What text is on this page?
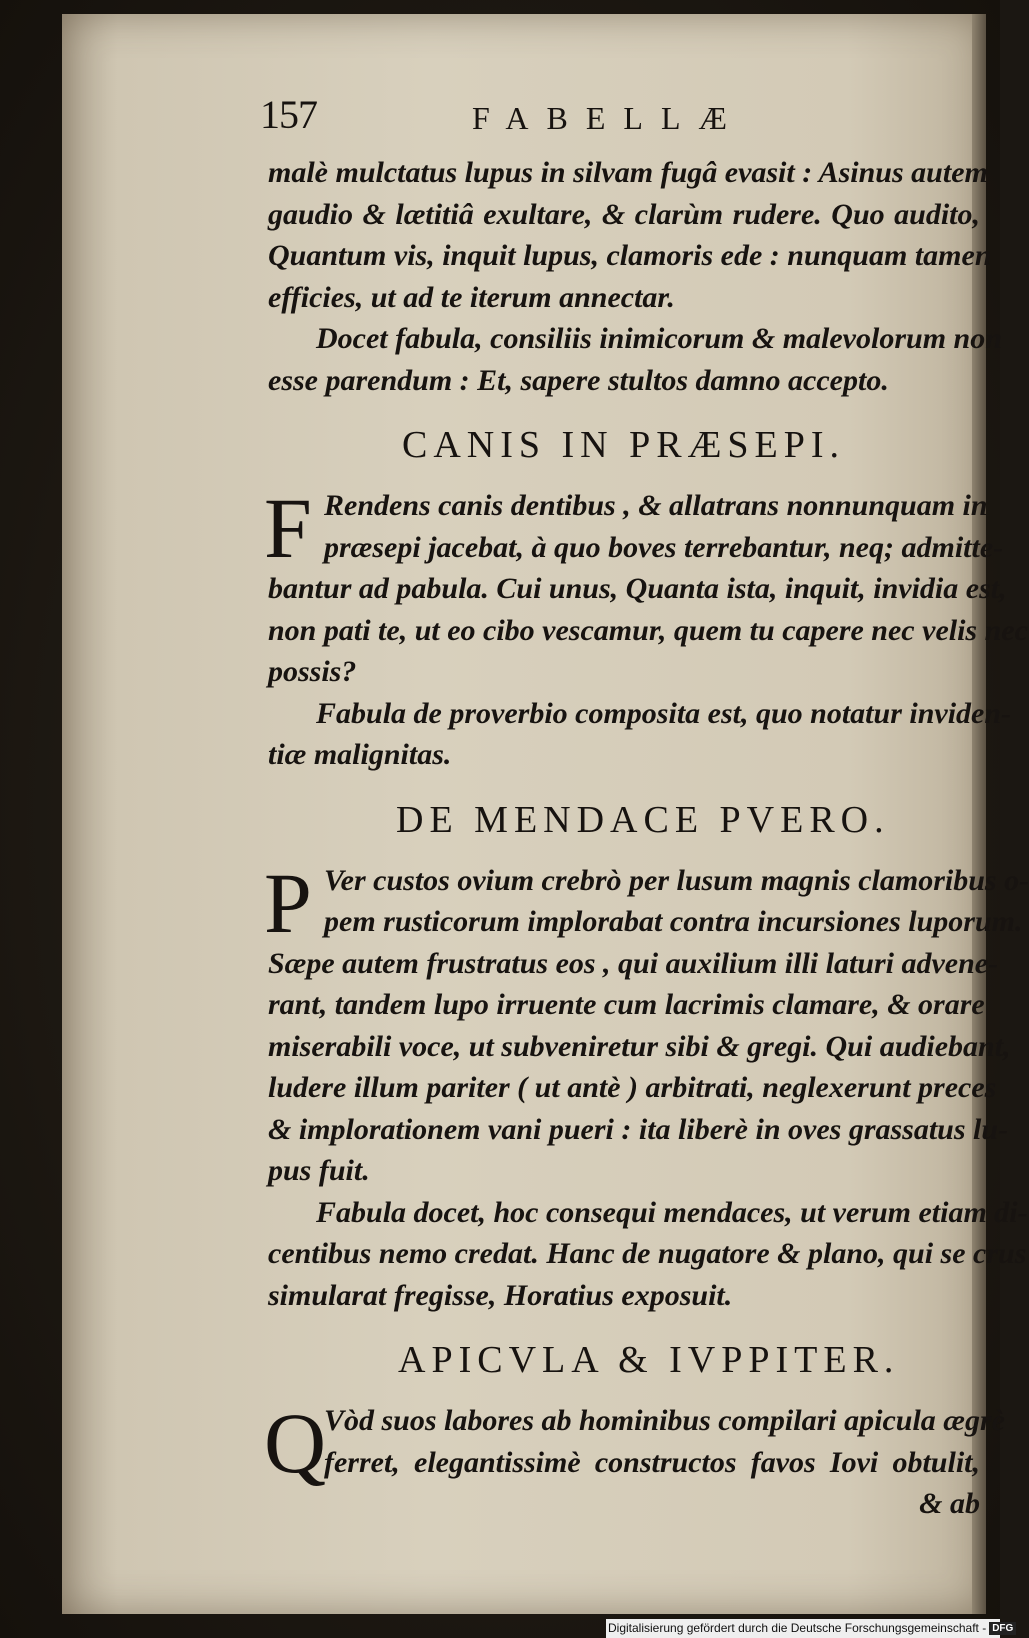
157	FABELLÆ
malè mulctatus lupus in silvam fugâ evasit : Asinus autem
gaudio & lætitiâ exultare, & clarùm rudere. Quo audito,
Quantum vis, inquit lupus, clamoris ede : nunquam tamen
efficies, ut ad te iterum annectar.
Docet fabula, consiliis inimicorum & malevolorum non
esse parendum : Et, sapere stultos damno accepto.
CANIS IN PRÆSEPI.
F Rendens canis dentibus , & allatrans nonnunquam in
præsepi jacebat, à quo boves terrebantur, neq; admitte-
bantur ad pabula. Cui unus, Quanta ista, inquit, invidia est,
non pati te, ut eo cibo vescamur, quem tu capere nec velis nec
possis?
Fabula de proverbio composita est, quo notatur inviden-
tiæ malignitas.
DE MENDACE PVERO.
P Ver custos ovium crebrò per lusum magnis clamoribus o-
pem rusticorum implorabat contra incursiones luporum.
Sæpe autem frustratus eos , qui auxilium illi laturi advene-
rant, tandem lupo irruente cum lacrimis clamare, & orare
miserabili voce, ut subveniretur sibi & gregi. Qui audiebant,
ludere illum pariter ( ut antè ) arbitrati, neglexerunt preces
& implorationem vani pueri : ita liberè in oves grassatus lu-
pus fuit.
Fabula docet, hoc consequi mendaces, ut verum etiam di-
centibus nemo credat. Hanc de nugatore & plano, qui se crus
simularat fregisse, Horatius exposuit.
APICVLA & IVPPITER.
Q
Vòd suos labores ab hominibus compilari apicula ægrè
ferret, elegantissimè constructos favos Iovi obtulit,
& ab
Digitalisierung gefördert durch die Deutsche Forschungsgemeinschaft - DFG
